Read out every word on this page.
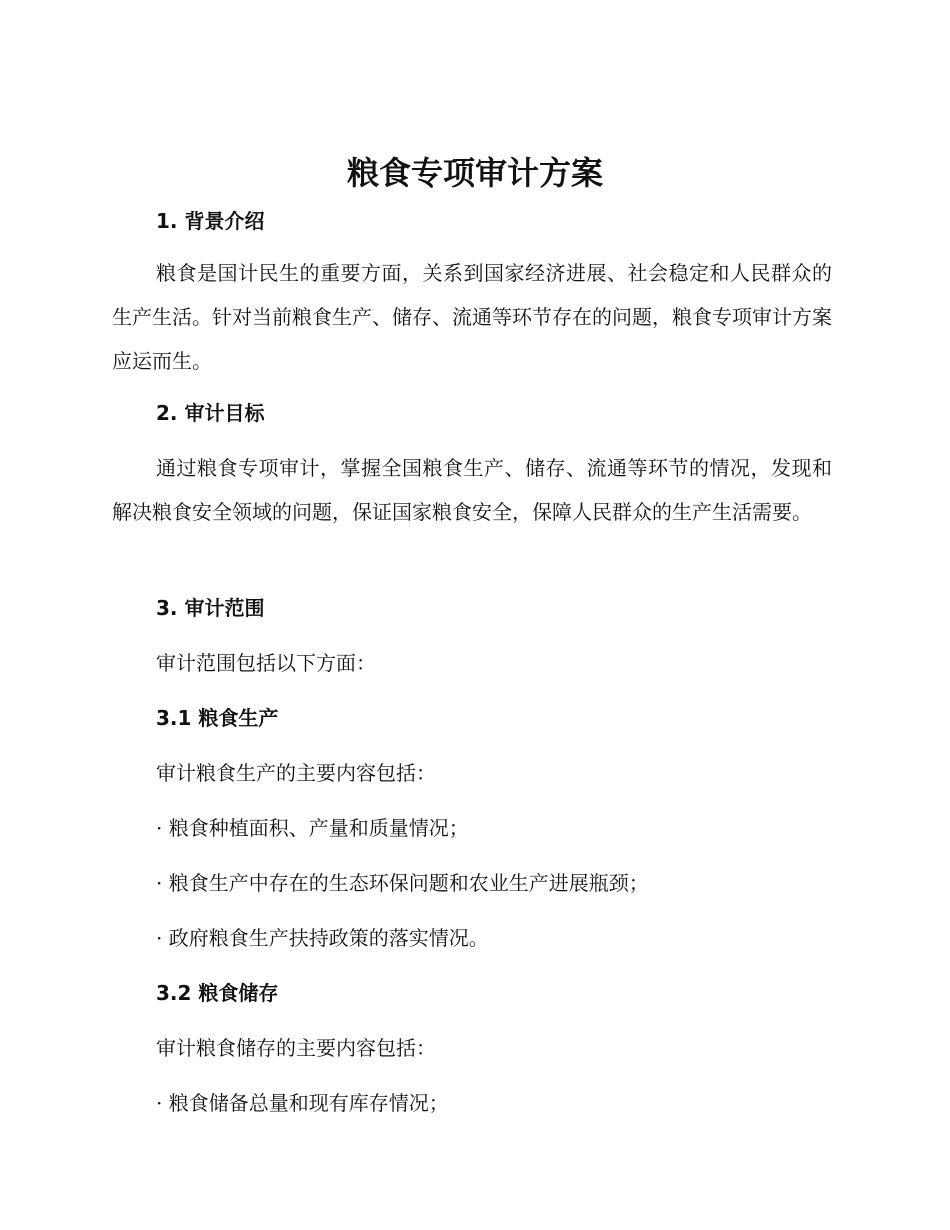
粮食专项审计方案
1. 背景介绍

粮食是国计民生的重要方面，关系到国家经济进展、社会稳定和人民群众的生产生活。针对当前粮食生产、储存、流通等环节存在的问题，粮食专项审计方案应运而生。

2. 审计目标

通过粮食专项审计，掌握全国粮食生产、储存、流通等环节的情况，发现和解决粮食安全领域的问题，保证国家粮食安全，保障人民群众的生产生活需要。

3. 审计范围

审计范围包括以下方面：

3.1 粮食生产

审计粮食生产的主要内容包括：

· 粮食种植面积、产量和质量情况；

· 粮食生产中存在的生态环保问题和农业生产进展瓶颈；

· 政府粮食生产扶持政策的落实情况。

3.2 粮食储存

审计粮食储存的主要内容包括：

· 粮食储备总量和现有库存情况；
